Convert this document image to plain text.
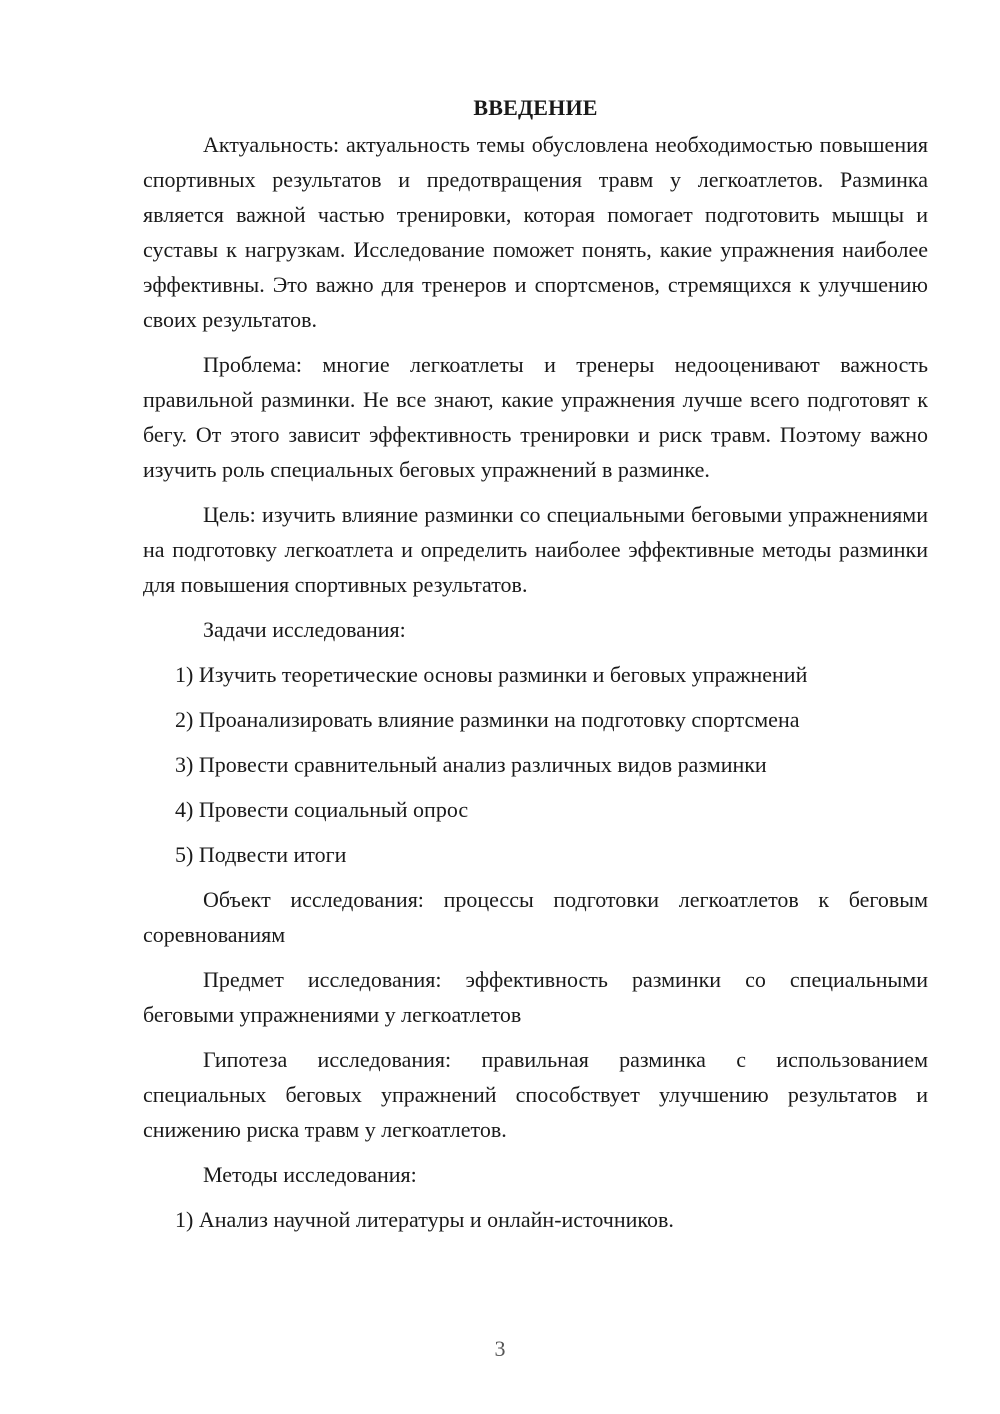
ВВЕДЕНИЕ

Актуальность: актуальность темы обусловлена необходимостью повышения спортивных результатов и предотвращения травм у легкоатлетов. Разминка является важной частью тренировки, которая помогает подготовить мышцы и суставы к нагрузкам. Исследование поможет понять, какие упражнения наиболее эффективны. Это важно для тренеров и спортсменов, стремящихся к улучшению своих результатов.

Проблема: многие легкоатлеты и тренеры недооценивают важность правильной разминки. Не все знают, какие упражнения лучше всего подготовят к бегу. От этого зависит эффективность тренировки и риск травм. Поэтому важно изучить роль специальных беговых упражнений в разминке.

Цель: изучить влияние разминки со специальными беговыми упражнениями на подготовку легкоатлета и определить наиболее эффективные методы разминки для повышения спортивных результатов.

Задачи исследования:

1) Изучить теоретические основы разминки и беговых упражнений
2) Проанализировать влияние разминки на подготовку спортсмена
3) Провести сравнительный анализ различных видов разминки
4) Провести социальный опрос
5) Подвести итоги

Объект исследования: процессы подготовки легкоатлетов к беговым соревнованиям

Предмет исследования: эффективность разминки со специальными беговыми упражнениями у легкоатлетов

Гипотеза исследования: правильная разминка с использованием специальных беговых упражнений способствует улучшению результатов и снижению риска травм у легкоатлетов.

Методы исследования:

1) Анализ научной литературы и онлайн-источников.
3
